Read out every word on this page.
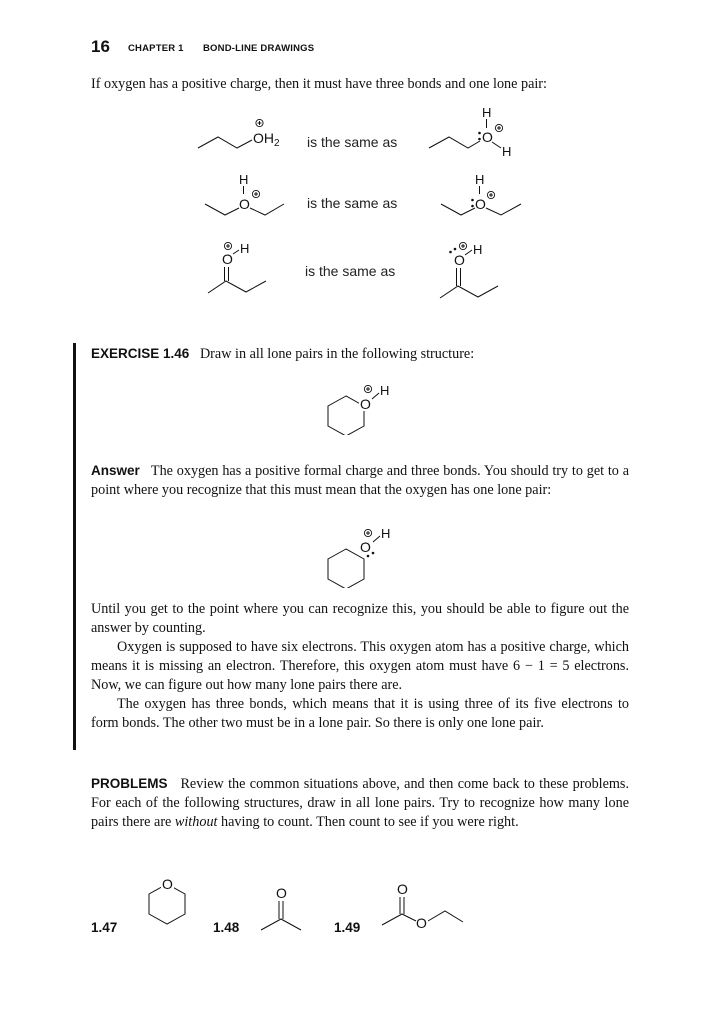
16 CHAPTER 1 BOND-LINE DRAWINGS
If oxygen has a positive charge, then it must have three bonds and one lone pair:
$OH_2$ is the same as
H
O
H
H
O	is the same as
H
O
O
H
is the same as
O
H
EXERCISE 1.46 Draw in all lone pairs in the following structure:
O
H
Answer The oxygen has a positive formal charge and three bonds. You should try to get to a point where you recognize that this must mean that the oxygen has one lone pair:
O
H
Until you get to the point where you can recognize this, you should be able to figure out the answer by counting.
Oxygen is supposed to have six electrons. This oxygen atom has a positive charge, which means it is missing an electron. Therefore, this oxygen atom must have 6 − 1 = 5 electrons. Now, we can figure out how many lone pairs there are.
The oxygen has three bonds, which means that it is using three of its five electrons to form bonds. The other two must be in a lone pair. So there is only one lone pair.
PROBLEMS Review the common situations above, and then come back to these problems. For each of the following structures, draw in all lone pairs. Try to recognize how many lone pairs there are without having to count. Then count to see if you were right.
1.47
O
1.48
O
1.49
O
O
